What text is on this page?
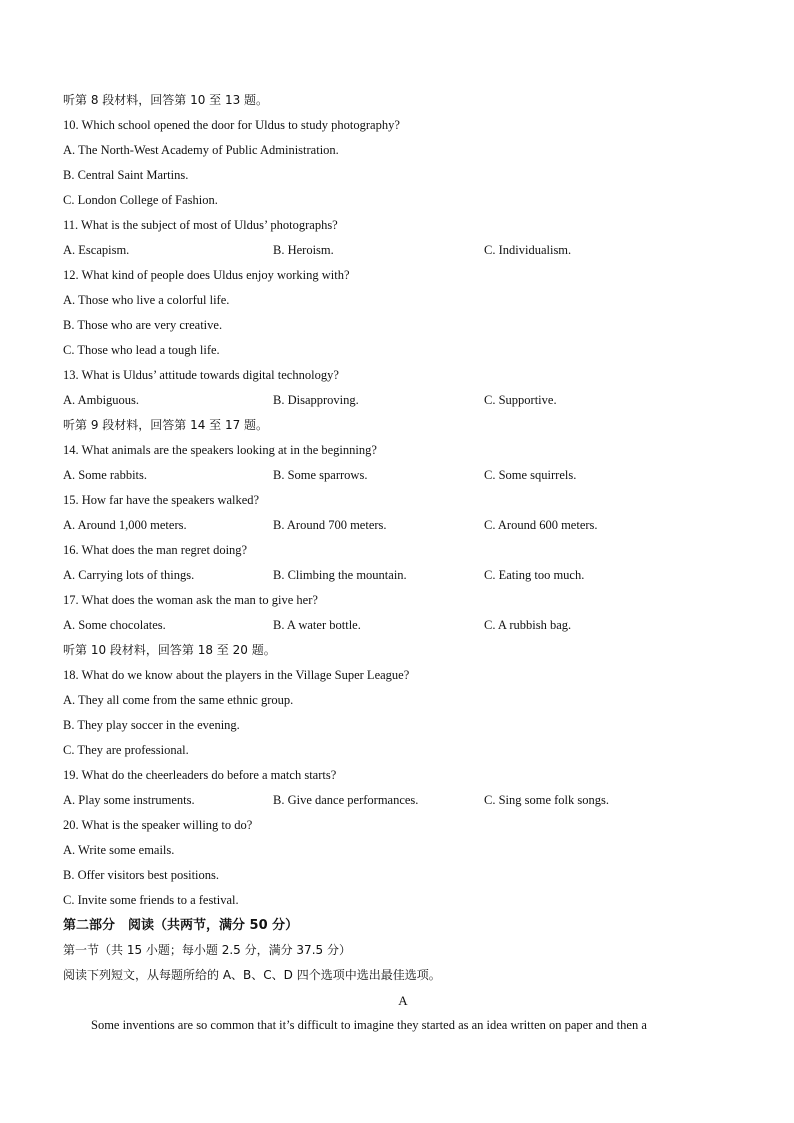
听第 8 段材料，回答第 10 至 13 题。
10. Which school opened the door for Uldus to study photography?
A. The North-West Academy of Public Administration.
B. Central Saint Martins.
C. London College of Fashion.
11. What is the subject of most of Uldus’ photographs?
A. Escapism.	B. Heroism.	C. Individualism.
12. What kind of people does Uldus enjoy working with?
A. Those who live a colorful life.
B. Those who are very creative.
C. Those who lead a tough life.
13. What is Uldus’ attitude towards digital technology?
A. Ambiguous.	B. Disapproving.	C. Supportive.
听第 9 段材料，回答第 14 至 17 题。
14. What animals are the speakers looking at in the beginning?
A. Some rabbits.	B. Some sparrows.	C. Some squirrels.
15. How far have the speakers walked?
A. Around 1,000 meters.	B. Around 700 meters.	C. Around 600 meters.
16. What does the man regret doing?
A. Carrying lots of things.	B. Climbing the mountain.	C. Eating too much.
17. What does the woman ask the man to give her?
A. Some chocolates.	B. A water bottle.	C. A rubbish bag.
听第 10 段材料，回答第 18 至 20 题。
18. What do we know about the players in the Village Super League?
A. They all come from the same ethnic group.
B. They play soccer in the evening.
C. They are professional.
19. What do the cheerleaders do before a match starts?
A. Play some instruments.	B. Give dance performances.	C. Sing some folk songs.
20. What is the speaker willing to do?
A. Write some emails.
B. Offer visitors best positions.
C. Invite some friends to a festival.
第二部分　阅读（共两节，满分 50 分）
第一节（共 15 小题；每小题 2.5 分，满分 37.5 分）
阅读下列短文，从每题所给的 A、B、C、D 四个选项中选出最佳选项。
A
Some inventions are so common that it’s difficult to imagine they started as an idea written on paper and then a
